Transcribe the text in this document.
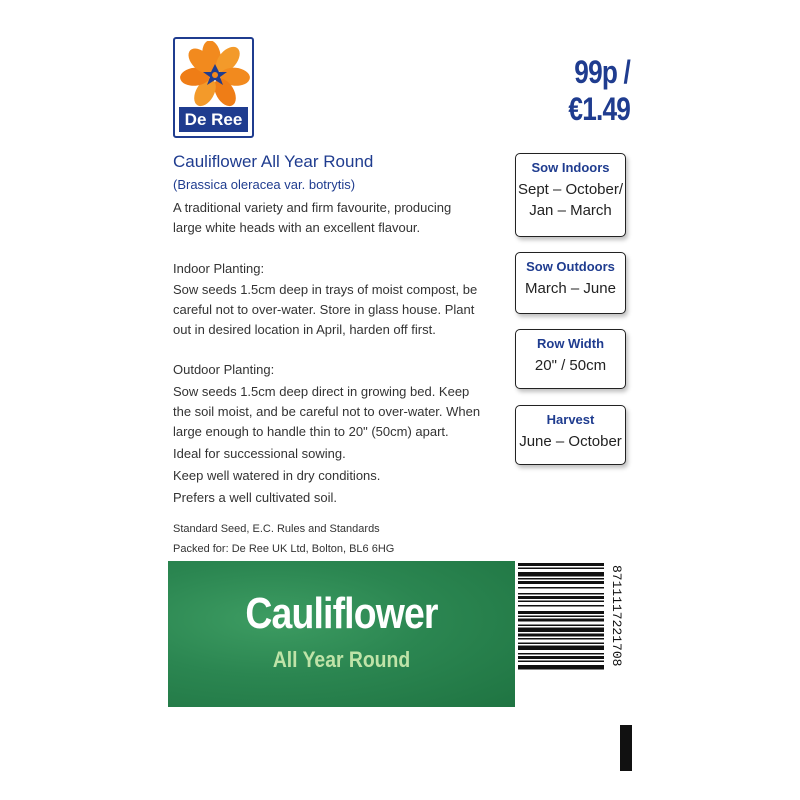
De Ree
99p / €1.49
Cauliflower All Year Round
(Brassica oleracea var. botrytis)
A traditional variety and firm favourite, producing
large white heads with an excellent flavour.
Indoor Planting:
Sow seeds 1.5cm deep in trays of moist compost, be
careful not to over-water. Store in glass house. Plant
out in desired location in April, harden off first.
Outdoor Planting:
Sow seeds 1.5cm deep direct in growing bed. Keep
the soil moist, and be careful not to over-water. When
large enough to handle thin to 20" (50cm) apart.
Ideal for successional sowing.
Keep well watered in dry conditions.
Prefers a well cultivated soil.
Standard Seed, E.C. Rules and Standards
Packed for: De Ree UK Ltd, Bolton, BL6 6HG
Sow Indoors
Sept – October/
Jan – March
Sow Outdoors
March – June
Row Width
20" / 50cm
Harvest
June – October
Cauliflower
All Year Round	8711117221708
